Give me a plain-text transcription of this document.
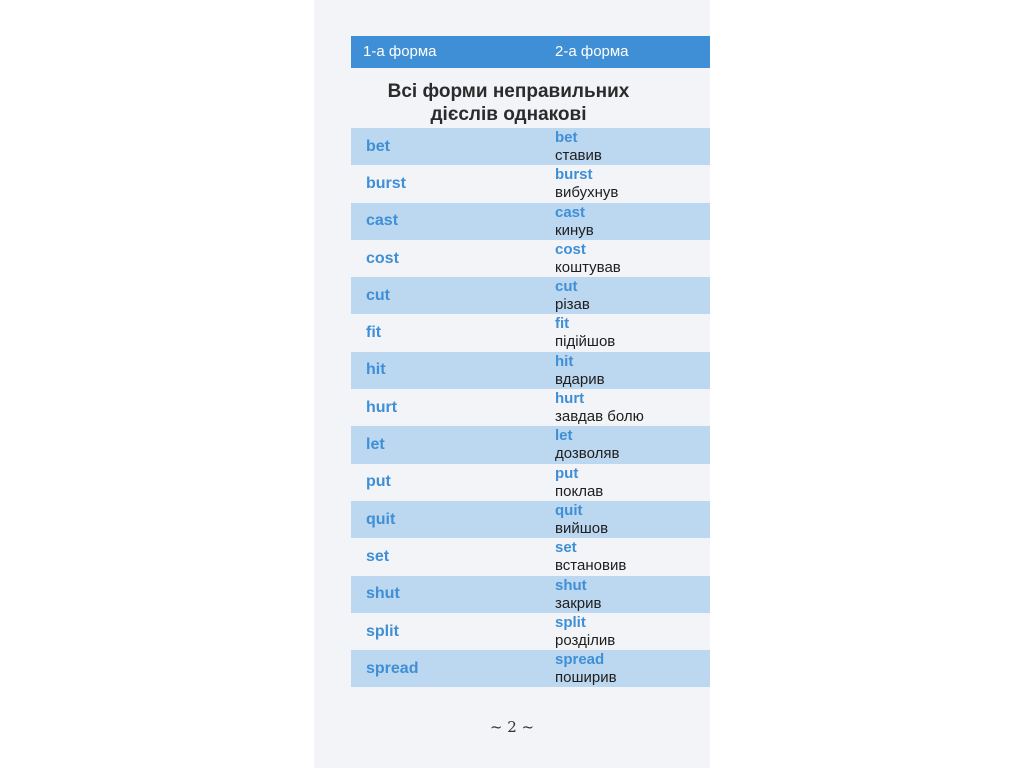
1-а форма	2-а форма
Всі форми неправильних
дієслів однакові
bet
bet
ставив
burst
burst
вибухнув
cast
cast
кинув
cost
cost
коштував
cut
cut
різав
fit
fit
підійшов
hit
hit
вдарив
hurt
hurt
завдав болю
let
let
дозволяв
put
put
поклав
quit
quit
вийшов
set
set
встановив
shut
shut
закрив
split
split
розділив
spread
spread
поширив
~ 2 ~
